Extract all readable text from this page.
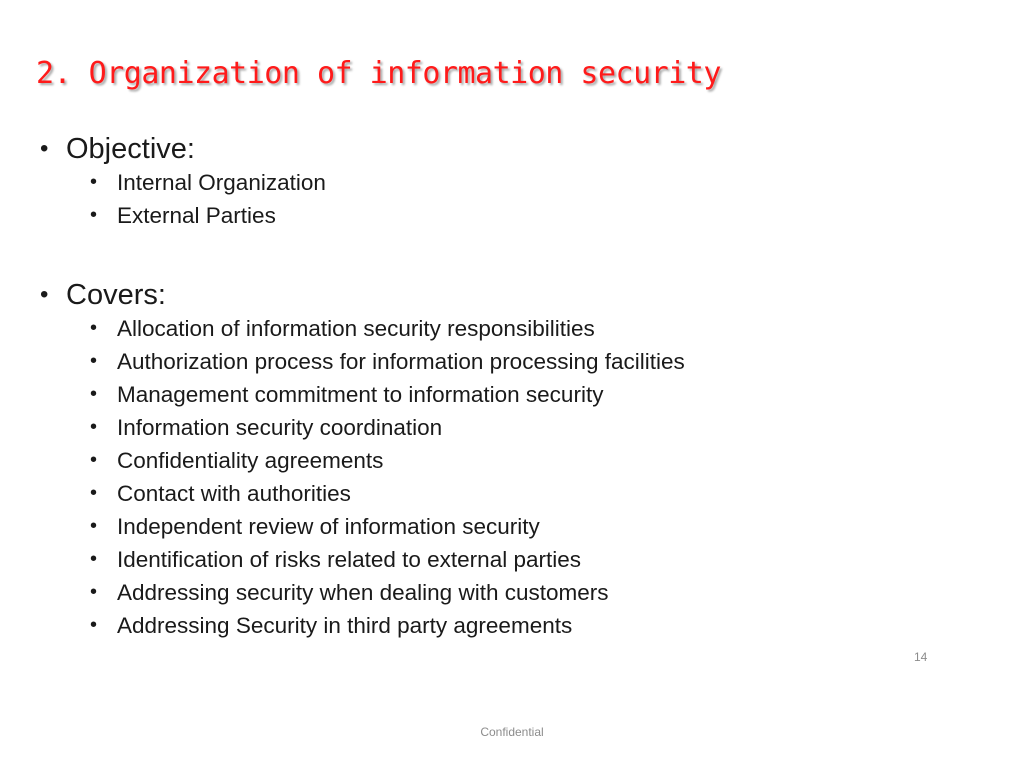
2. Organization of information security
• Objective:
• Internal Organization
• External Parties
• Covers:
• Allocation of information security responsibilities
• Authorization process for information processing facilities
• Management commitment to information security
• Information security coordination
• Confidentiality agreements
• Contact with authorities
• Independent review of information security
• Identification of risks related to external parties
• Addressing security when dealing with customers
• Addressing Security in third party agreements
14
Confidential
